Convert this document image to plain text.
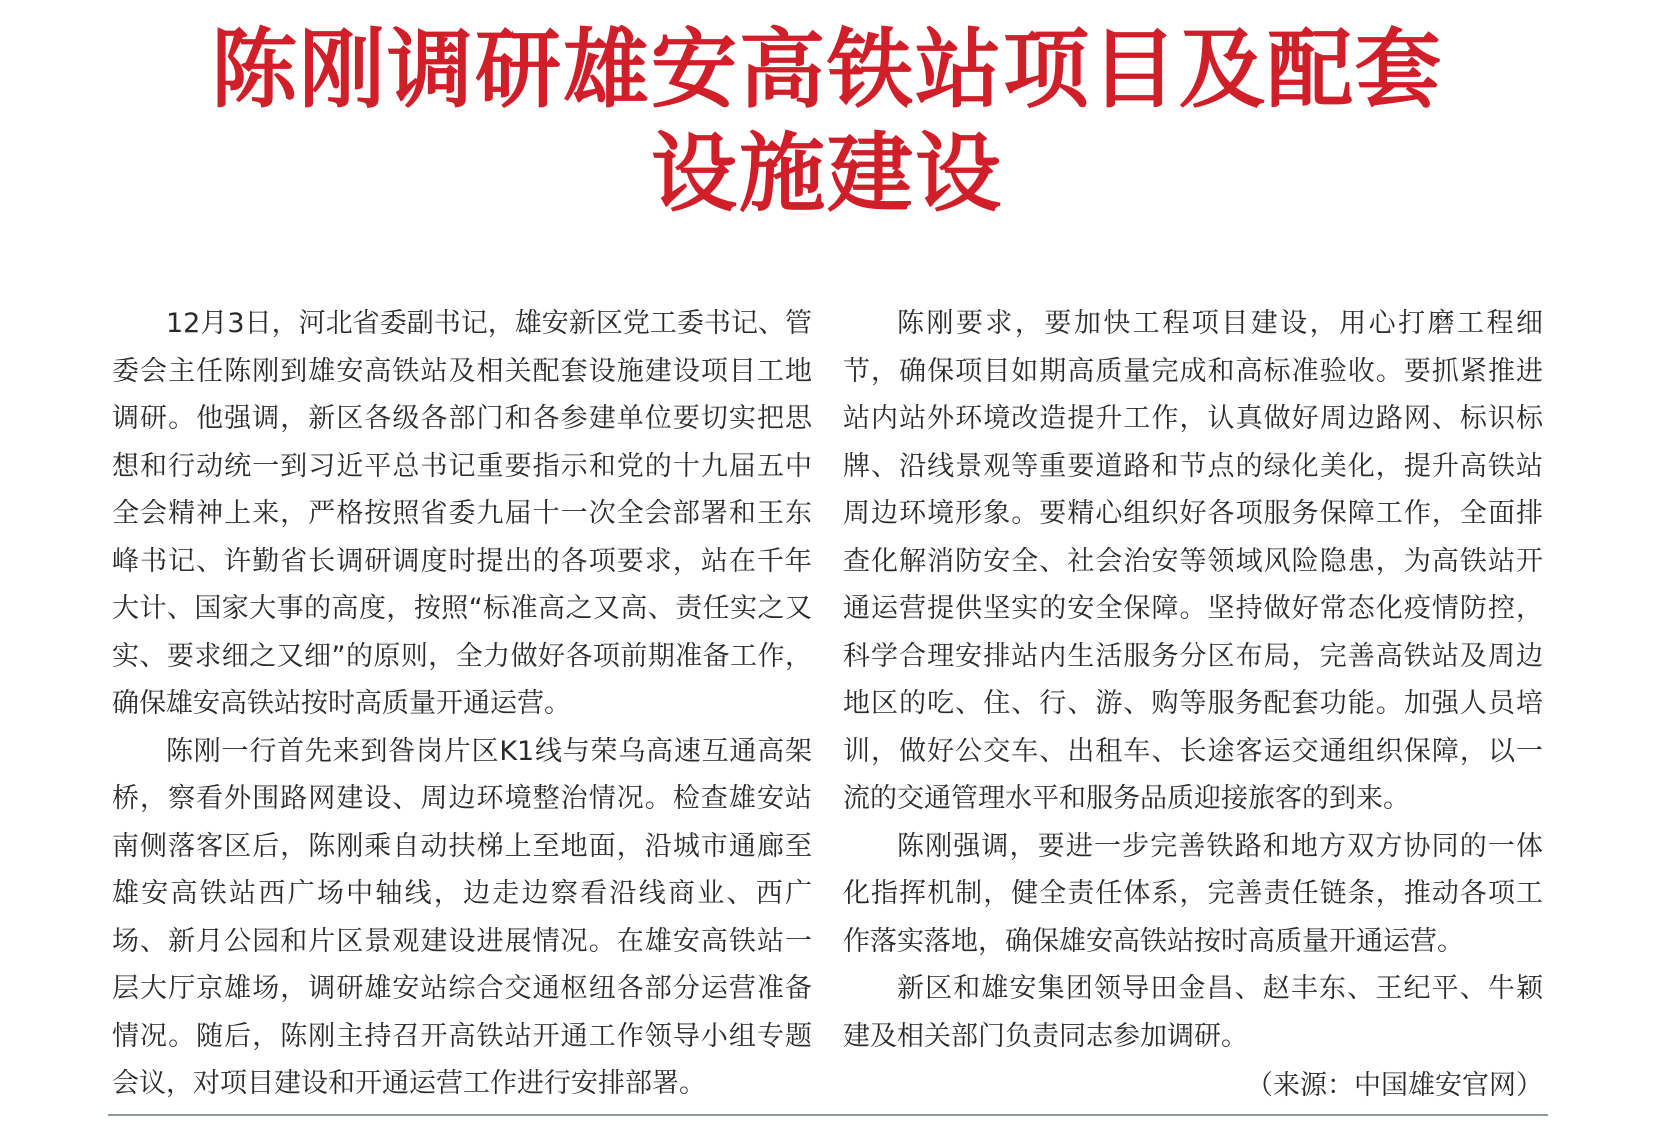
陈刚调研雄安高铁站项目及配套
设施建设

12月3日，河北省委副书记，雄安新区党工委书记、管委会主任陈刚到雄安高铁站及相关配套设施建设项目工地调研。他强调，新区各级各部门和各参建单位要切实把思想和行动统一到习近平总书记重要指示和党的十九届五中全会精神上来，严格按照省委九届十一次全会部署和王东峰书记、许勤省长调研调度时提出的各项要求，站在千年大计、国家大事的高度，按照“标准高之又高、责任实之又实、要求细之又细”的原则，全力做好各项前期准备工作，确保雄安高铁站按时高质量开通运营。

陈刚一行首先来到昝岗片区K1线与荣乌高速互通高架桥，察看外围路网建设、周边环境整治情况。检查雄安站南侧落客区后，陈刚乘自动扶梯上至地面，沿城市通廊至雄安高铁站西广场中轴线，边走边察看沿线商业、西广场、新月公园和片区景观建设进展情况。在雄安高铁站一层大厅京雄场，调研雄安站综合交通枢纽各部分运营准备情况。随后，陈刚主持召开高铁站开通工作领导小组专题会议，对项目建设和开通运营工作进行安排部署。

陈刚要求，要加快工程项目建设，用心打磨工程细节，确保项目如期高质量完成和高标准验收。要抓紧推进站内站外环境改造提升工作，认真做好周边路网、标识标牌、沿线景观等重要道路和节点的绿化美化，提升高铁站周边环境形象。要精心组织好各项服务保障工作，全面排查化解消防安全、社会治安等领域风险隐患，为高铁站开通运营提供坚实的安全保障。坚持做好常态化疫情防控，科学合理安排站内生活服务分区布局，完善高铁站及周边地区的吃、住、行、游、购等服务配套功能。加强人员培训，做好公交车、出租车、长途客运交通组织保障，以一流的交通管理水平和服务品质迎接旅客的到来。

陈刚强调，要进一步完善铁路和地方双方协同的一体化指挥机制，健全责任体系，完善责任链条，推动各项工作落实落地，确保雄安高铁站按时高质量开通运营。

新区和雄安集团领导田金昌、赵丰东、王纪平、牛颖建及相关部门负责同志参加调研。

（来源：中国雄安官网）
